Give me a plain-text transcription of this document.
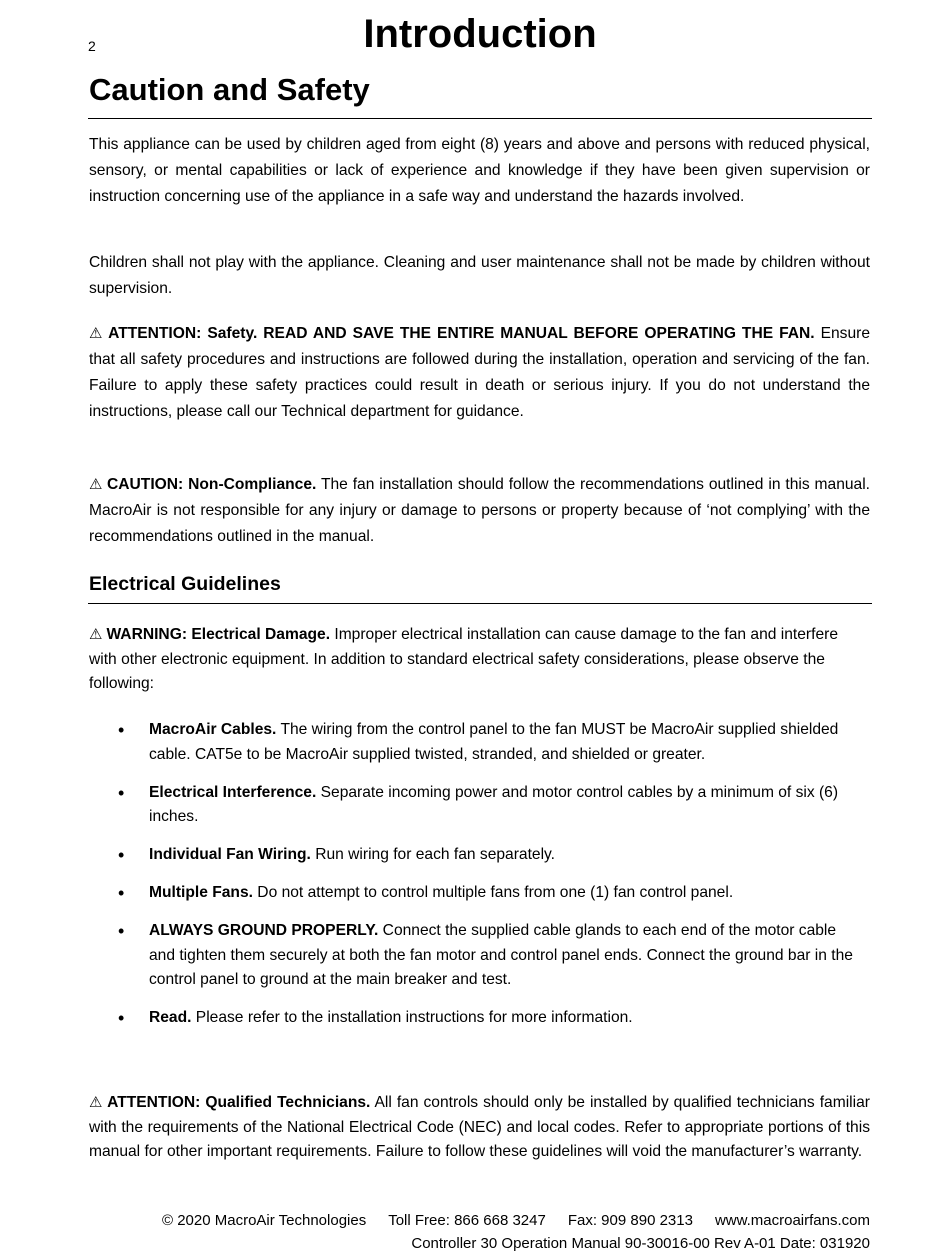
2	Introduction
Caution and Safety

This appliance can be used by children aged from eight (8) years and above and persons with reduced physical, sensory, or mental capabilities or lack of experience and knowledge if they have been given supervision or instruction concerning use of the appliance in a safe way and understand the hazards involved.

Children shall not play with the appliance. Cleaning and user maintenance shall not be made by children without supervision.

⚠ ATTENTION: Safety. READ AND SAVE THE ENTIRE MANUAL BEFORE OPERATING THE FAN. Ensure that all safety procedures and instructions are followed during the installation, operation and servicing of the fan. Failure to apply these safety practices could result in death or serious injury. If you do not understand the instructions, please call our Technical department for guidance.

⚠ CAUTION: Non-Compliance. The fan installation should follow the recommendations outlined in this manual. MacroAir is not responsible for any injury or damage to persons or property because of ‘not complying’ with the recommendations outlined in the manual.

Electrical Guidelines

⚠ WARNING: Electrical Damage. Improper electrical installation can cause damage to the fan and interfere with other electronic equipment. In addition to standard electrical safety considerations, please observe the following:

• MacroAir Cables. The wiring from the control panel to the fan MUST be MacroAir supplied shielded cable. CAT5e to be MacroAir supplied twisted, stranded, and shielded or greater.
• Electrical Interference. Separate incoming power and motor control cables by a minimum of six (6) inches.
• Individual Fan Wiring. Run wiring for each fan separately.
• Multiple Fans. Do not attempt to control multiple fans from one (1) fan control panel.
• ALWAYS GROUND PROPERLY. Connect the supplied cable glands to each end of the motor cable and tighten them securely at both the fan motor and control panel ends. Connect the ground bar in the control panel to ground at the main breaker and test.
• Read. Please refer to the installation instructions for more information.

⚠ ATTENTION: Qualified Technicians. All fan controls should only be installed by qualified technicians familiar with the requirements of the National Electrical Code (NEC) and local codes. Refer to appropriate portions of this manual for other important requirements. Failure to follow these guidelines will void the manufacturer’s warranty.

© 2020 MacroAir Technologies Toll Free: 866 668 3247 Fax: 909 890 2313 www.macroairfans.com
Controller 30 Operation Manual 90-30016-00 Rev A-01 Date: 031920
